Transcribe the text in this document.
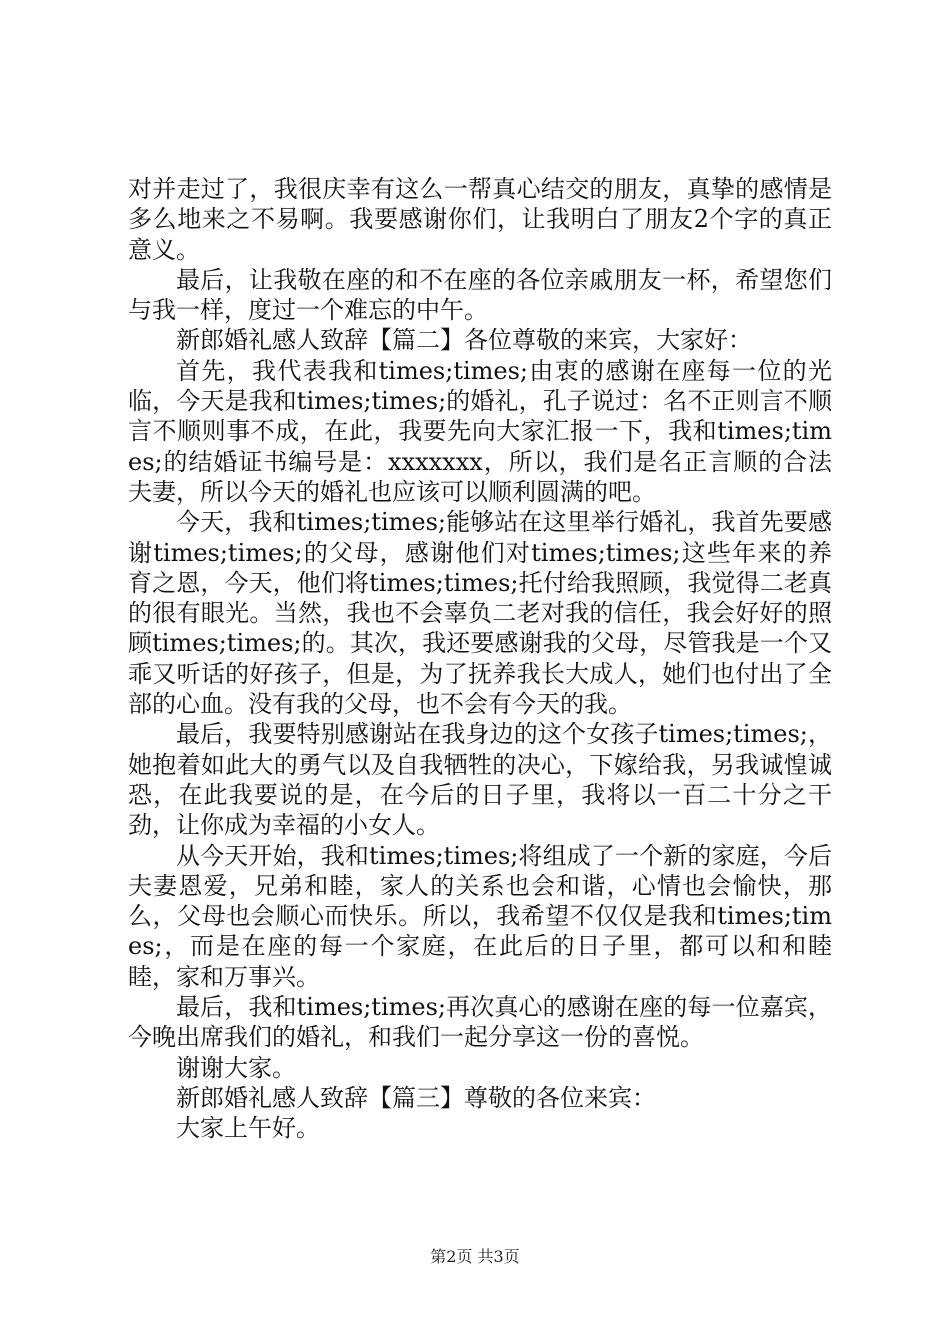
对并走过了，我很庆幸有这么一帮真心结交的朋友，真挚的感情是多么地来之不易啊。我要感谢你们，让我明白了朋友2个字的真正意义。

最后，让我敬在座的和不在座的各位亲戚朋友一杯，希望您们与我一样，度过一个难忘的中午。

新郎婚礼感人致辞【篇二】各位尊敬的来宾，大家好：

首先，我代表我和times;times;由衷的感谢在座每一位的光临，今天是我和times;times;的婚礼，孔子说过：名不正则言不顺言不顺则事不成，在此，我要先向大家汇报一下，我和times;times;的结婚证书编号是：xxxxxxx，所以，我们是名正言顺的合法夫妻，所以今天的婚礼也应该可以顺利圆满的吧。

今天，我和times;times;能够站在这里举行婚礼，我首先要感谢times;times;的父母，感谢他们对times;times;这些年来的养育之恩，今天，他们将times;times;托付给我照顾，我觉得二老真的很有眼光。当然，我也不会辜负二老对我的信任，我会好好的照顾times;times;的。其次，我还要感谢我的父母，尽管我是一个又乖又听话的好孩子，但是，为了抚养我长大成人，她们也付出了全部的心血。没有我的父母，也不会有今天的我。

最后，我要特别感谢站在我身边的这个女孩子times;times;，她抱着如此大的勇气以及自我牺牲的决心，下嫁给我，另我诚惶诚恐，在此我要说的是，在今后的日子里，我将以一百二十分之干劲，让你成为幸福的小女人。

从今天开始，我和times;times;将组成了一个新的家庭，今后夫妻恩爱，兄弟和睦，家人的关系也会和谐，心情也会愉快，那么，父母也会顺心而快乐。所以，我希望不仅仅是我和times;times;，而是在座的每一个家庭，在此后的日子里，都可以和和睦睦，家和万事兴。

最后，我和times;times;再次真心的感谢在座的每一位嘉宾，今晚出席我们的婚礼，和我们一起分享这一份的喜悦。

谢谢大家。

新郎婚礼感人致辞【篇三】尊敬的各位来宾：

大家上午好。

第2页 共3页
